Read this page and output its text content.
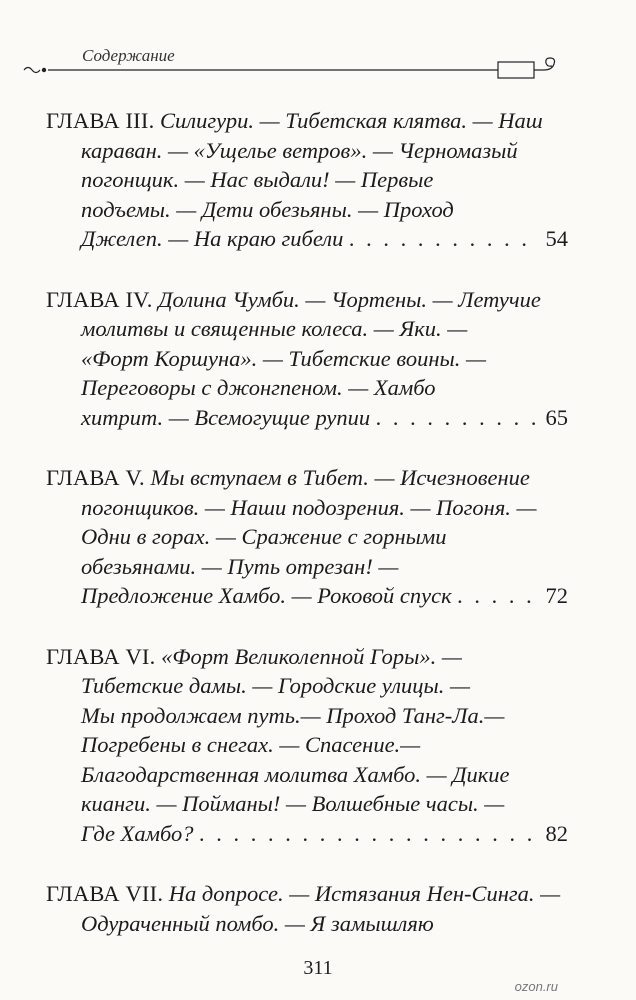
Содержание
ГЛАВА III. Силигури. — Тибетская клятва. — Наш
караван. — «Ущелье ветров». — Черномазый
погонщик. — Нас выдали! — Первые
подъемы. — Дети обезьяны. — Проход
Джелеп. — На краю гибели . . .	54
ГЛАВА IV. Долина Чумби. — Чортены. — Летучие
молитвы и священные колеса. — Яки. —
«Форт Коршуна». — Тибетские воины. —
Переговоры с джонгпеном. — Хамбо
хитрит. — Всемогущие рупии . . .	65
ГЛАВА V. Мы вступаем в Тибет. — Исчезновение
погонщиков. — Наши подозрения. — Погоня. —
Одни в горах. — Сражение с горными
обезьянами. — Путь отрезан! —
Предложение Хамбо. — Роковой спуск . . .	72
ГЛАВА VI. «Форт Великолепной Горы». —
Тибетские дамы. — Городские улицы. —
Мы продолжаем путь.— Проход Танг-Ла.—
Погребены в снегах. — Спасение.—
Благодарственная молитва Хамбо. — Дикие
кианги. — Пойманы! — Волшебные часы. —
Где Хамбо? . . .	82
ГЛАВА VII. На допросе. — Истязания Нен-Синга. —
Одураченный помбо. — Я замышляю
311
ozon.ru
